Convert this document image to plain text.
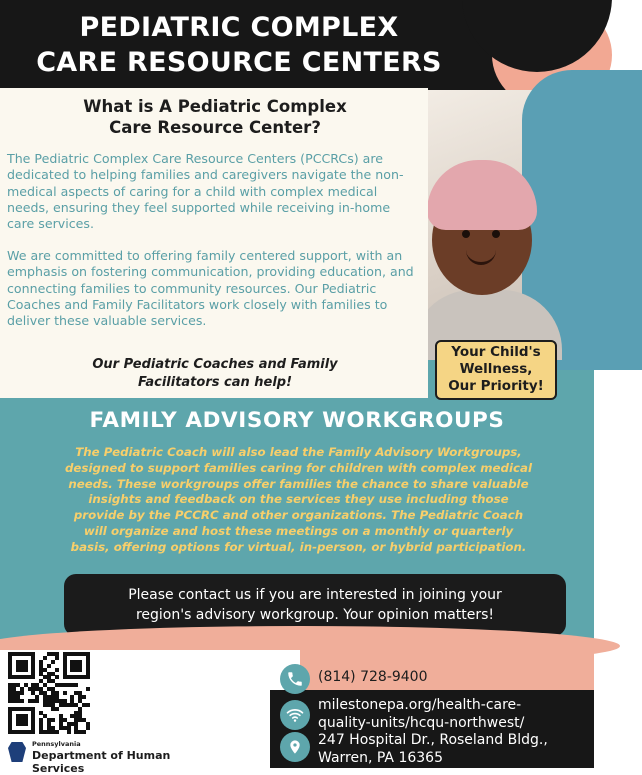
PEDIATRIC COMPLEX
CARE RESOURCE CENTERS
What is A Pediatric Complex
Care Resource Center?
The Pediatric Complex Care Resource Centers (PCCRCs) are dedicated to helping families and caregivers navigate the non-medical aspects of caring for a child with complex medical needs, ensuring they feel supported while receiving in-home care services.
We are committed to offering family centered support, with an emphasis on fostering communication, providing education, and connecting families to community resources. Our Pediatric Coaches and Family Facilitators work closely with families to deliver these valuable services.
Our Pediatric Coaches and Family
Facilitators can help!
Your Child's
Wellness,
Our Priority!
FAMILY ADVISORY WORKGROUPS
The Pediatric Coach will also lead the Family Advisory Workgroups,
designed to support families caring for children with complex medical
needs. These workgroups offer families the chance to share valuable
insights and feedback on the services they use including those
provide by the PCCRC and other organizations. The Pediatric Coach
will organize and host these meetings on a monthly or quarterly
basis, offering options for virtual, in-person, or hybrid participation.
Please contact us if you are interested in joining your
region's advisory workgroup. Your opinion matters!
Pennsylvania
Department of Human Services
(814) 728-9400
milestonepa.org/health-care-
quality-units/hcqu-northwest/
247 Hospital Dr., Roseland Bldg.,
Warren, PA 16365
